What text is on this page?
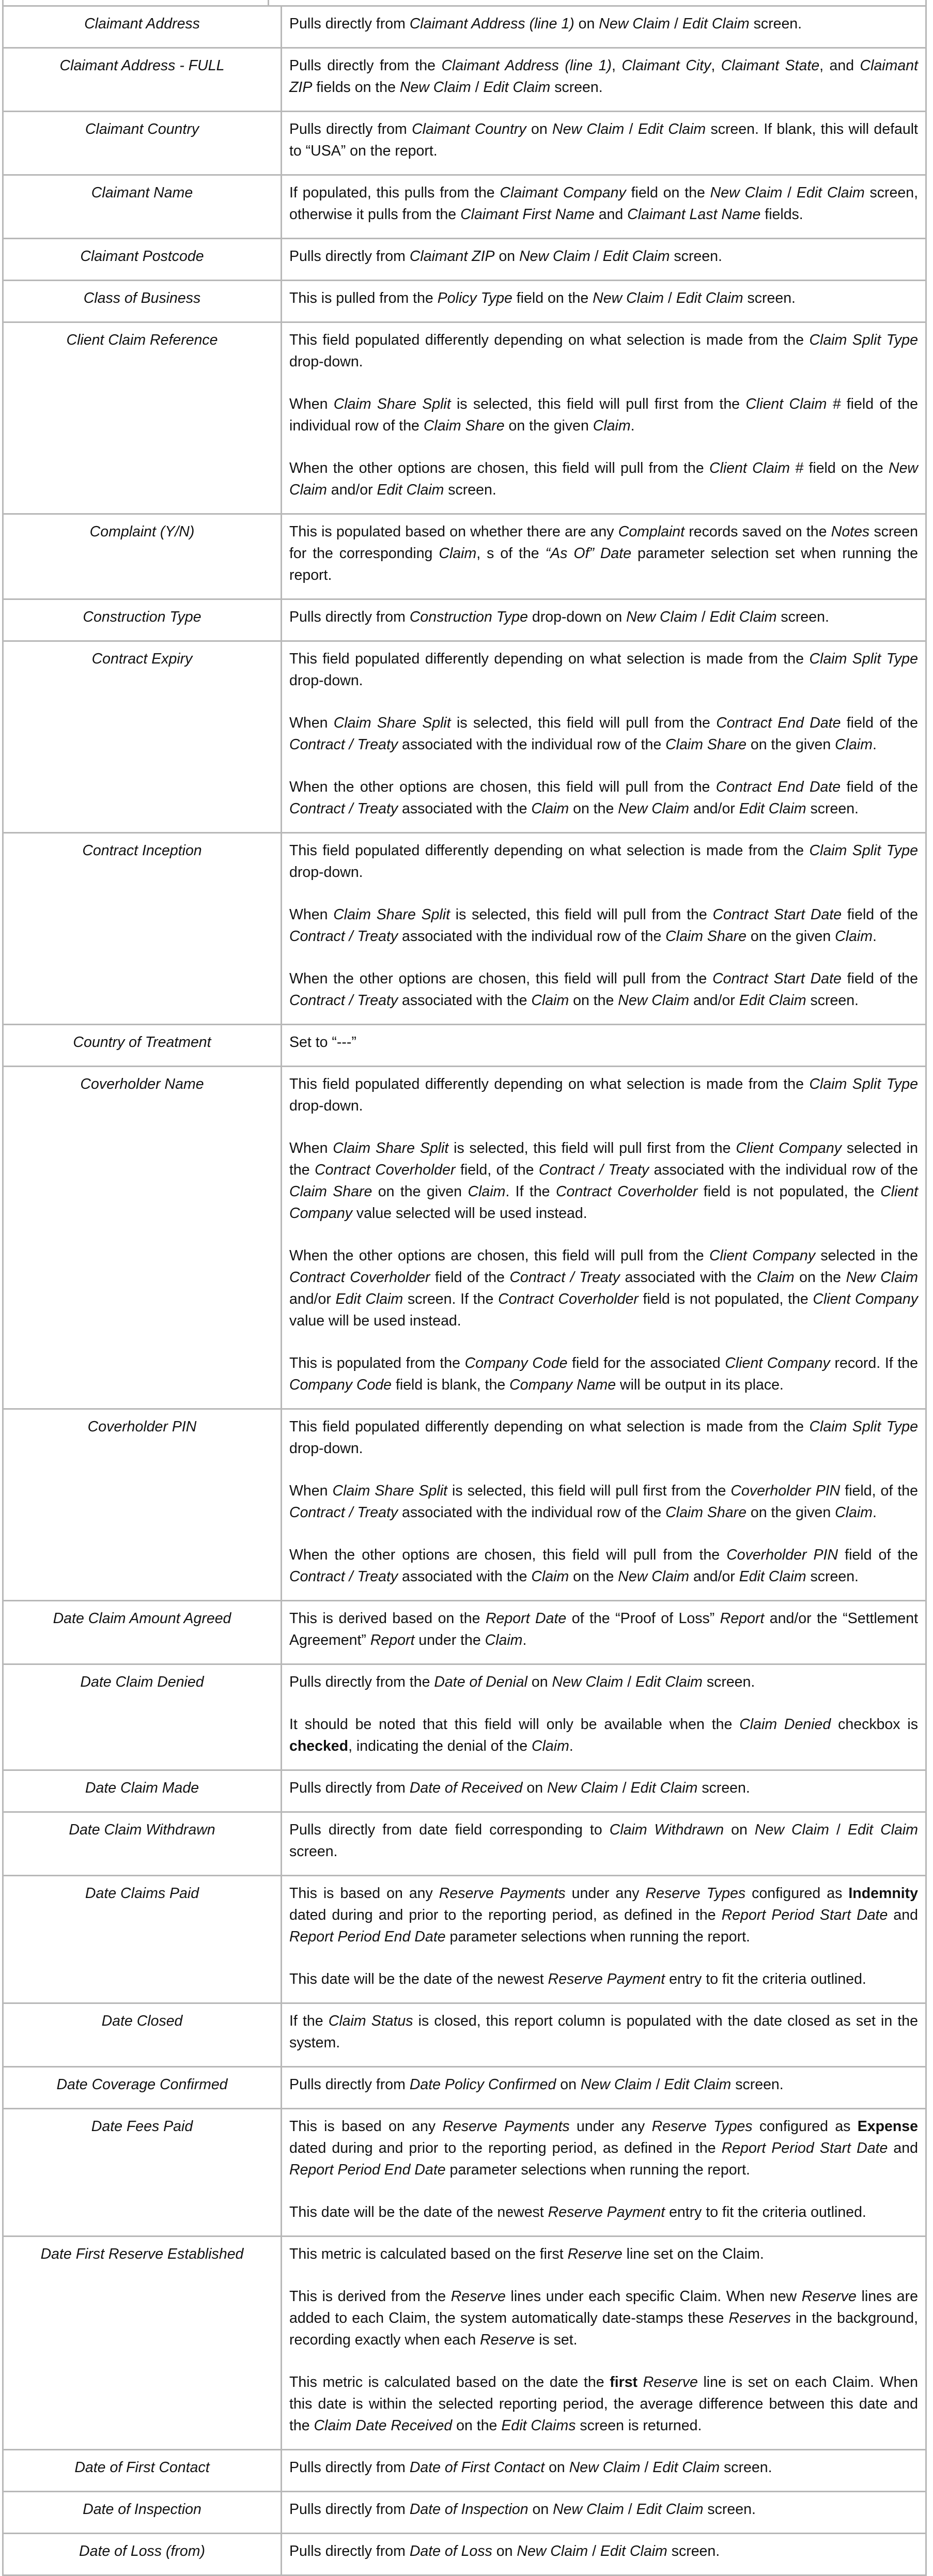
Claimant Address	Pulls directly from Claimant Address (line 1) on New Claim / Edit Claim screen.

Claimant Address - FULL	Pulls directly from the Claimant Address (line 1), Claimant City, Claimant State, and Claimant ZIP fields on the New Claim / Edit Claim screen.

Claimant Country	Pulls directly from Claimant Country on New Claim / Edit Claim screen. If blank, this will default to “USA” on the report.

Claimant Name	If populated, this pulls from the Claimant Company field on the New Claim / Edit Claim screen, otherwise it pulls from the Claimant First Name and Claimant Last Name fields.

Claimant Postcode	Pulls directly from Claimant ZIP on New Claim / Edit Claim screen.

Class of Business	This is pulled from the Policy Type field on the New Claim / Edit Claim screen.

Client Claim Reference	This field populated differently depending on what selection is made from the Claim Split Type drop-down.

When Claim Share Split is selected, this field will pull first from the Client Claim # field of the individual row of the Claim Share on the given Claim.

When the other options are chosen, this field will pull from the Client Claim # field on the New Claim and/or Edit Claim screen.

Complaint (Y/N)	This is populated based on whether there are any Complaint records saved on the Notes screen for the corresponding Claim, s of the “As Of” Date parameter selection set when running the report.

Construction Type	Pulls directly from Construction Type drop-down on New Claim / Edit Claim screen.

Contract Expiry	This field populated differently depending on what selection is made from the Claim Split Type drop-down.

When Claim Share Split is selected, this field will pull from the Contract End Date field of the Contract / Treaty associated with the individual row of the Claim Share on the given Claim.

When the other options are chosen, this field will pull from the Contract End Date field of the Contract / Treaty associated with the Claim on the New Claim and/or Edit Claim screen.

Contract Inception	This field populated differently depending on what selection is made from the Claim Split Type drop-down.

When Claim Share Split is selected, this field will pull from the Contract Start Date field of the Contract / Treaty associated with the individual row of the Claim Share on the given Claim.

When the other options are chosen, this field will pull from the Contract Start Date field of the Contract / Treaty associated with the Claim on the New Claim and/or Edit Claim screen.

Country of Treatment	Set to “---”

Coverholder Name	This field populated differently depending on what selection is made from the Claim Split Type drop-down.

When Claim Share Split is selected, this field will pull first from the Client Company selected in the Contract Coverholder field, of the Contract / Treaty associated with the individual row of the Claim Share on the given Claim. If the Contract Coverholder field is not populated, the Client Company value selected will be used instead.

When the other options are chosen, this field will pull from the Client Company selected in the Contract Coverholder field of the Contract / Treaty associated with the Claim on the New Claim and/or Edit Claim screen. If the Contract Coverholder field is not populated, the Client Company value will be used instead.

This is populated from the Company Code field for the associated Client Company record. If the Company Code field is blank, the Company Name will be output in its place.

Coverholder PIN	This field populated differently depending on what selection is made from the Claim Split Type drop-down.

When Claim Share Split is selected, this field will pull first from the Coverholder PIN field, of the Contract / Treaty associated with the individual row of the Claim Share on the given Claim.

When the other options are chosen, this field will pull from the Coverholder PIN field of the Contract / Treaty associated with the Claim on the New Claim and/or Edit Claim screen.

Date Claim Amount Agreed	This is derived based on the Report Date of the “Proof of Loss” Report and/or the “Settlement Agreement” Report under the Claim.

Date Claim Denied	Pulls directly from the Date of Denial on New Claim / Edit Claim screen.

It should be noted that this field will only be available when the Claim Denied checkbox is checked, indicating the denial of the Claim.

Date Claim Made	Pulls directly from Date of Received on New Claim / Edit Claim screen.

Date Claim Withdrawn	Pulls directly from date field corresponding to Claim Withdrawn on New Claim / Edit Claim screen.

Date Claims Paid	This is based on any Reserve Payments under any Reserve Types configured as Indemnity dated during and prior to the reporting period, as defined in the Report Period Start Date and Report Period End Date parameter selections when running the report.

This date will be the date of the newest Reserve Payment entry to fit the criteria outlined.

Date Closed	If the Claim Status is closed, this report column is populated with the date closed as set in the system.

Date Coverage Confirmed	Pulls directly from Date Policy Confirmed on New Claim / Edit Claim screen.

Date Fees Paid	This is based on any Reserve Payments under any Reserve Types configured as Expense dated during and prior to the reporting period, as defined in the Report Period Start Date and Report Period End Date parameter selections when running the report.

This date will be the date of the newest Reserve Payment entry to fit the criteria outlined.

Date First Reserve Established	This metric is calculated based on the first Reserve line set on the Claim.

This is derived from the Reserve lines under each specific Claim. When new Reserve lines are added to each Claim, the system automatically date-stamps these Reserves in the background, recording exactly when each Reserve is set.

This metric is calculated based on the date the first Reserve line is set on each Claim. When this date is within the selected reporting period, the average difference between this date and the Claim Date Received on the Edit Claims screen is returned.

Date of First Contact	Pulls directly from Date of First Contact on New Claim / Edit Claim screen.

Date of Inspection	Pulls directly from Date of Inspection on New Claim / Edit Claim screen.

Date of Loss (from)	Pulls directly from Date of Loss on New Claim / Edit Claim screen.
